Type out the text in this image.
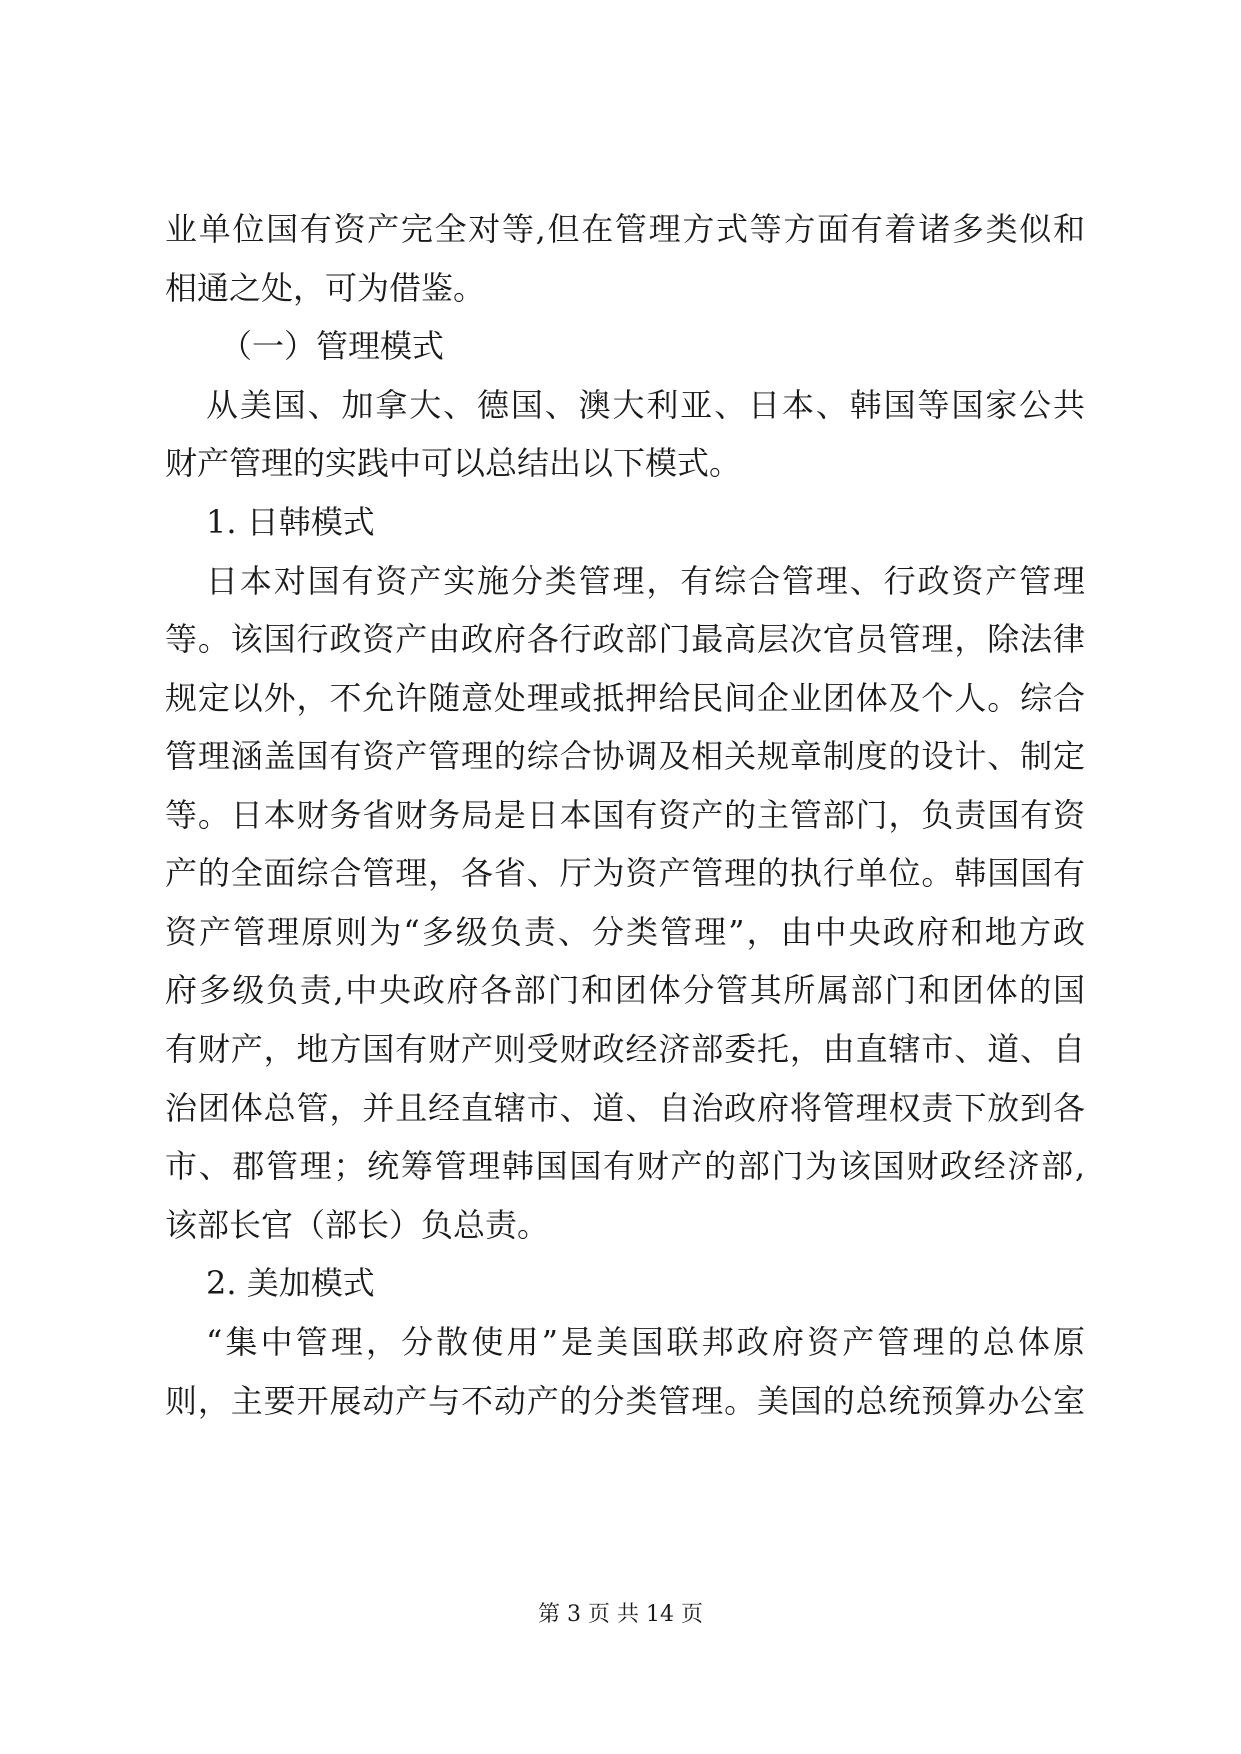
业单位国有资产完全对等,但在管理方式等方面有着诸多类似和
相通之处，可为借鉴。
（一）管理模式
从美国、加拿大、德国、澳大利亚、日本、韩国等国家公共
财产管理的实践中可以总结出以下模式。
1. 日韩模式
日本对国有资产实施分类管理，有综合管理、行政资产管理
等。该国行政资产由政府各行政部门最高层次官员管理，除法律
规定以外，不允许随意处理或抵押给民间企业团体及个人。综合
管理涵盖国有资产管理的综合协调及相关规章制度的设计、制定
等。日本财务省财务局是日本国有资产的主管部门，负责国有资
产的全面综合管理，各省、厅为资产管理的执行单位。韩国国有
资产管理原则为“多级负责、分类管理”，由中央政府和地方政
府多级负责,中央政府各部门和团体分管其所属部门和团体的国
有财产，地方国有财产则受财政经济部委托，由直辖市、道、自
治团体总管，并且经直辖市、道、自治政府将管理权责下放到各
市、郡管理；统筹管理韩国国有财产的部门为该国财政经济部,
该部长官（部长）负总责。
2. 美加模式
“集中管理，分散使用”是美国联邦政府资产管理的总体原
则，主要开展动产与不动产的分类管理。美国的总统预算办公室
第 3 页 共 14 页
